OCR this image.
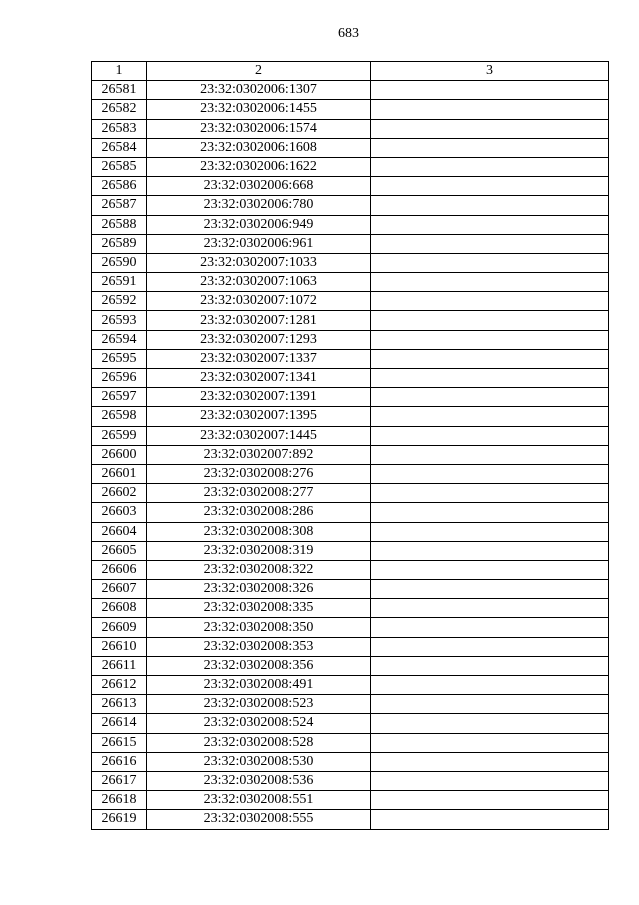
683
1	2	3
26581	23:32:0302006:1307	
26582	23:32:0302006:1455	
26583	23:32:0302006:1574	
26584	23:32:0302006:1608	
26585	23:32:0302006:1622	
26586	23:32:0302006:668	
26587	23:32:0302006:780	
26588	23:32:0302006:949	
26589	23:32:0302006:961	
26590	23:32:0302007:1033	
26591	23:32:0302007:1063	
26592	23:32:0302007:1072	
26593	23:32:0302007:1281	
26594	23:32:0302007:1293	
26595	23:32:0302007:1337	
26596	23:32:0302007:1341	
26597	23:32:0302007:1391	
26598	23:32:0302007:1395	
26599	23:32:0302007:1445	
26600	23:32:0302007:892	
26601	23:32:0302008:276	
26602	23:32:0302008:277	
26603	23:32:0302008:286	
26604	23:32:0302008:308	
26605	23:32:0302008:319	
26606	23:32:0302008:322	
26607	23:32:0302008:326	
26608	23:32:0302008:335	
26609	23:32:0302008:350	
26610	23:32:0302008:353	
26611	23:32:0302008:356	
26612	23:32:0302008:491	
26613	23:32:0302008:523	
26614	23:32:0302008:524	
26615	23:32:0302008:528	
26616	23:32:0302008:530	
26617	23:32:0302008:536	
26618	23:32:0302008:551	
26619	23:32:0302008:555	
